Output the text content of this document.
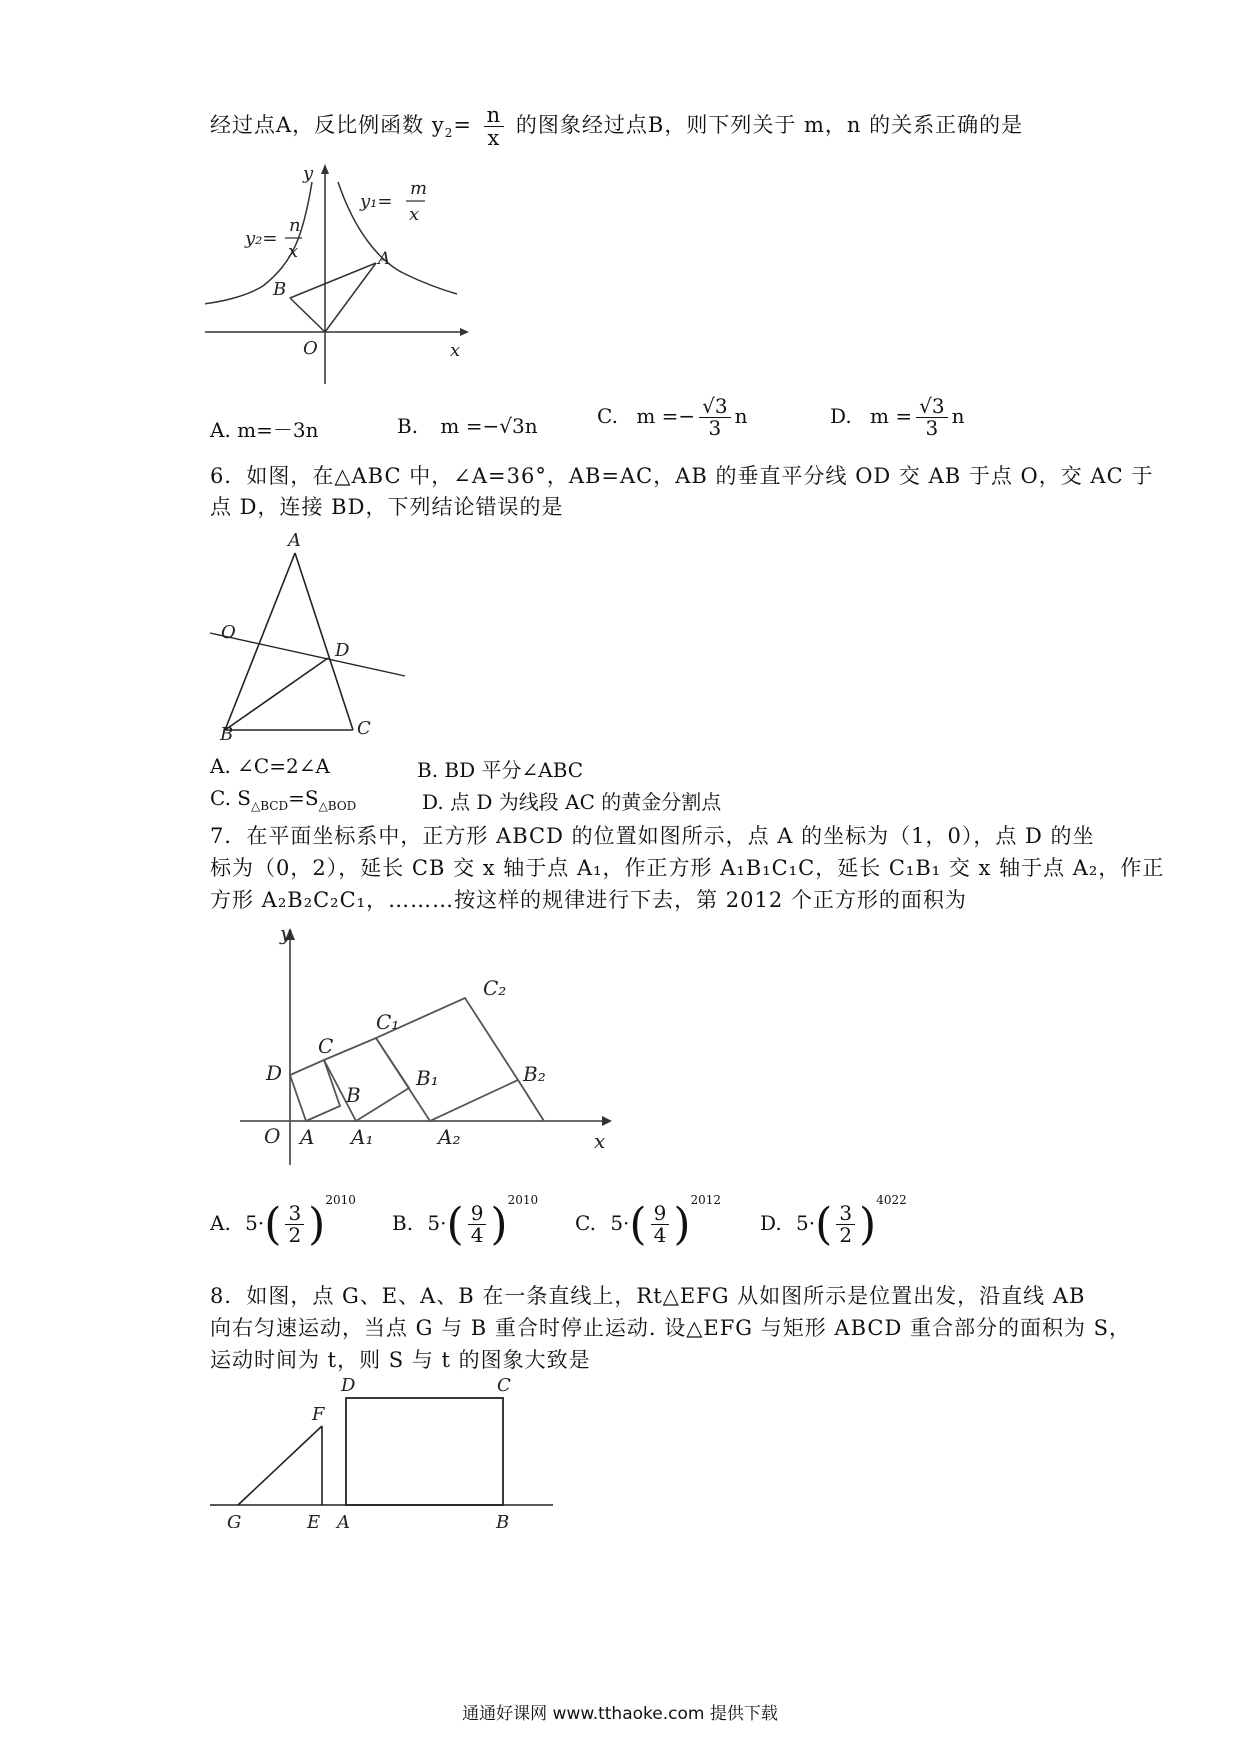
经过点A，反比例函数 $y_2= \frac{n}{x}$ 的图象经过点B，则下列关于 m，n 的关系正确的是
y
x
O
A
B
y₁=
m
x
y₂=
n
x
A. m=－3n	B. m =−√3n	C. $m =- \frac{√3}{3}$ n	D. $m = \frac{√3}{3}$ n
6．如图，在△ABC 中，∠A=36°，AB=AC，AB 的垂直平分线 OD 交 AB 于点 O，交 AC 于
点 D，连接 BD，下列结论错误的是
A
O
D
B	C
A. ∠C=2∠A	B. BD 平分∠ABC
C. $S_{\triangle BCD}=S_{\triangle BOD}$	D. 点 D 为线段 AC 的黄金分割点
7．在平面坐标系中，正方形 ABCD 的位置如图所示，点 A 的坐标为（1，0），点 D 的坐
标为（0，2），延长 CB 交 x 轴于点 A₁，作正方形 A₁B₁C₁C，延长 C₁B₁ 交 x 轴于点 A₂，作正
方形 A₂B₂C₂C₁，………按这样的规律进行下去，第 2012 个正方形的面积为
y
x
O A A₁	A₂
D
C
B
C₁
B₁
C₂
B₂
A. $5\cdot( \frac{3}{2} )^{2010}$
B. $5\cdot( \frac{9}{4} )^{2010}$
C. $5\cdot( \frac{9}{4} )^{2012}$
D. $5\cdot( \frac{3}{2} )^{4022}$
8．如图，点 G、E、A、B 在一条直线上，Rt△EFG 从如图所示是位置出发，沿直线 AB
向右匀速运动，当点 G 与 B 重合时停止运动. 设△EFG 与矩形 ABCD 重合部分的面积为 S，
运动时间为 t，则 S 与 t 的图象大致是
D	C
F
G	E A	B
通通好课网 www.tthaoke.com 提供下载
